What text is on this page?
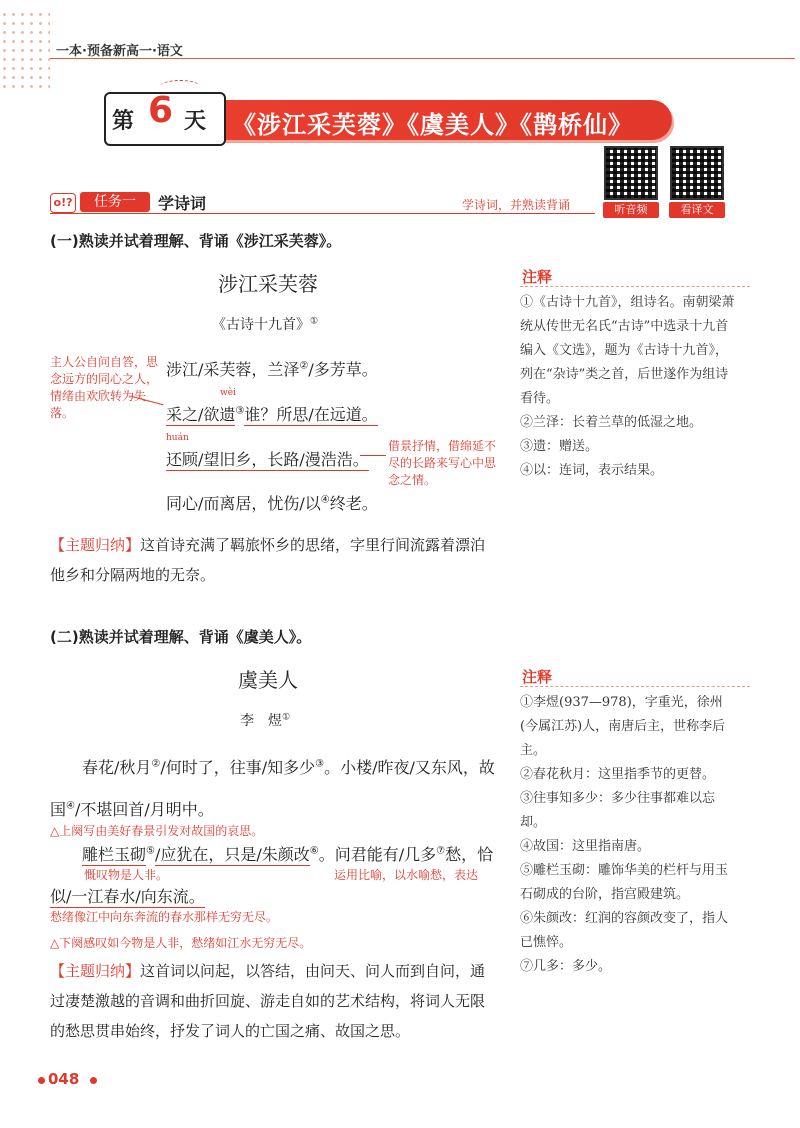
一本·预备新高一·语文
第 6 天 《涉江采芙蓉》《虞美人》《鹊桥仙》
听音频	看译文
o!?	任务一	学诗词	学诗词，并熟读背诵
(一)熟读并试着理解、背诵《涉江采芙蓉》。
涉江采芙蓉
《古诗十九首》①
主人公自问自答，思念远方的同心之人，情绪由欢欣转为失落。
涉江/采芙蓉，兰泽②/多芳草。
wèi
采之/欲遗③谁？所思/在远道。
huán
还顾/望旧乡，长路/漫浩浩。
借景抒情，借绵延不尽的长路来写心中思念之情。
同心/而离居，忧伤/以④终老。
【主题归纳】这首诗充满了羁旅怀乡的思绪，字里行间流露着漂泊他乡和分隔两地的无奈。
注释
①《古诗十九首》，组诗名。南朝梁萧统从传世无名氏“古诗”中选录十九首编入《文选》，题为《古诗十九首》，列在“杂诗”类之首，后世遂作为组诗看待。
②兰泽：长着兰草的低湿之地。
③遗：赠送。
④以：连词，表示结果。
(二)熟读并试着理解、背诵《虞美人》。
虞美人
李　煜①
春花/秋月②/何时了，往事/知多少③。小楼/昨夜/又东风，故
国④/不堪回首/月明中。
△上阕写由美好春景引发对故国的哀思。
雕栏玉砌⑤/应犹在，只是/朱颜改⑥。问君能有/几多⑦愁，恰
慨叹物是人非。	运用比喻，以水喻愁，表达
似/一江春水/向东流。
愁绪像江中向东奔流的春水那样无穷无尽。
△下阕感叹如今物是人非，愁绪如江水无穷无尽。
【主题归纳】这首词以问起，以答结，由问天、问人而到自问，通过凄楚激越的音调和曲折回旋、游走自如的艺术结构，将词人无限的愁思贯串始终，抒发了词人的亡国之痛、故国之思。
注释
①李煜(937—978)，字重光，徐州(今属江苏)人，南唐后主，世称李后主。
②春花秋月：这里指季节的更替。
③往事知多少：多少往事都难以忘却。
④故国：这里指南唐。
⑤雕栏玉砌：雕饰华美的栏杆与用玉石砌成的台阶，指宫殿建筑。
⑥朱颜改：红润的容颜改变了，指人已憔悴。
⑦几多：多少。
048
